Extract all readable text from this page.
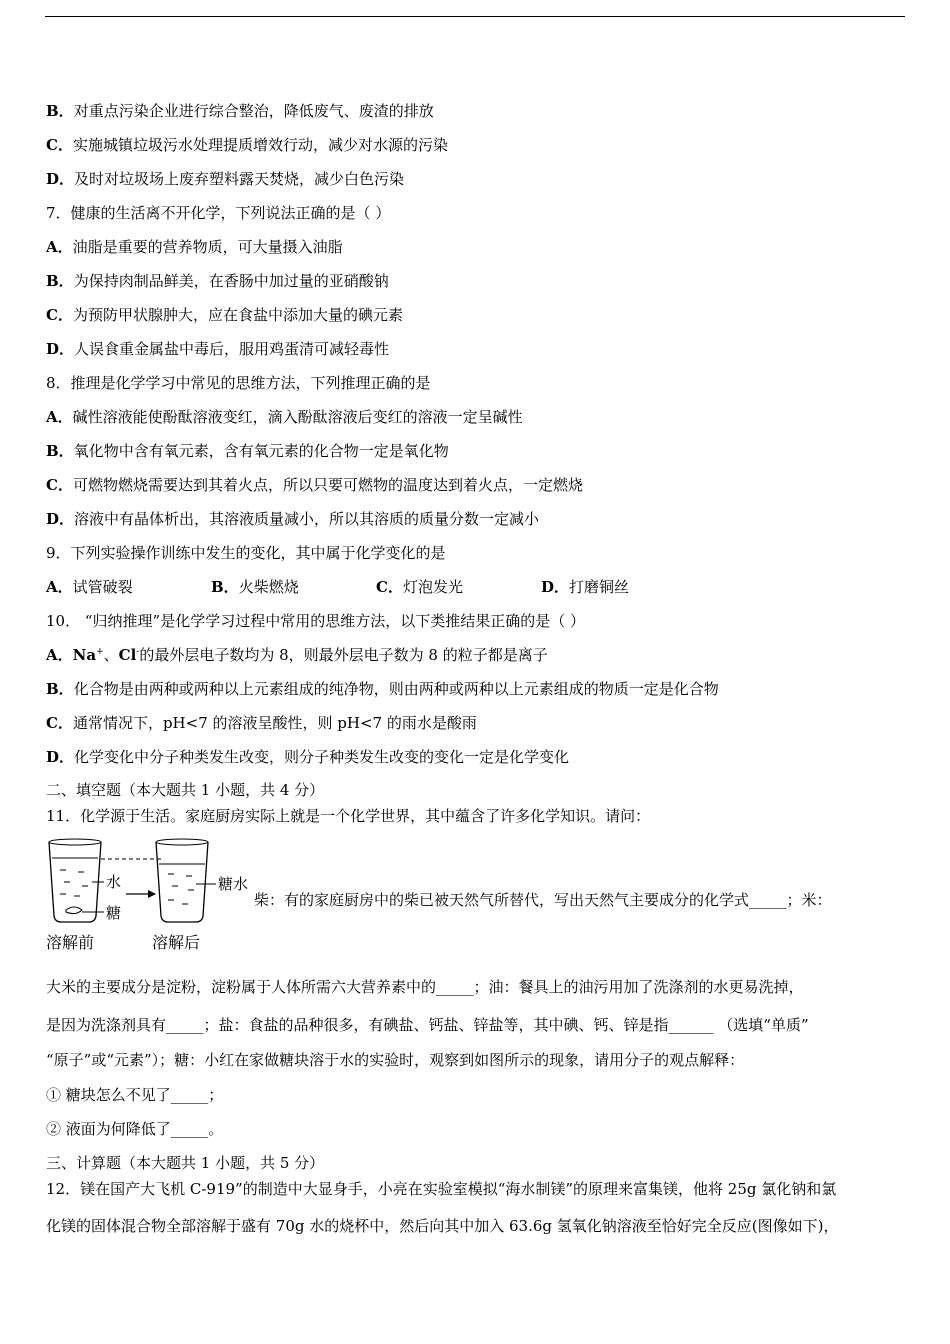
B．对重点污染企业进行综合整治，降低废气、废渣的排放
C．实施城镇垃圾污水处理提质增效行动，减少对水源的污染
D．及时对垃圾场上废弃塑料露天焚烧，减少白色污染
7．健康的生活离不开化学，下列说法正确的是（ ）
A．油脂是重要的营养物质，可大量摄入油脂
B．为保持肉制品鲜美，在香肠中加过量的亚硝酸钠
C．为预防甲状腺肿大，应在食盐中添加大量的碘元素
D．人误食重金属盐中毒后，服用鸡蛋清可减轻毒性
8．推理是化学学习中常见的思维方法，下列推理正确的是
A．碱性溶液能使酚酞溶液变红，滴入酚酞溶液后变红的溶液一定呈碱性
B．氧化物中含有氧元素，含有氧元素的化合物一定是氧化物
C．可燃物燃烧需要达到其着火点，所以只要可燃物的温度达到着火点，一定燃烧
D．溶液中有晶体析出，其溶液质量减小，所以其溶质的质量分数一定减小
9．下列实验操作训练中发生的变化，其中属于化学变化的是
A．试管破裂	B．火柴燃烧	C．灯泡发光	D．打磨铜丝
10． “归纳推理”是化学学习过程中常用的思维方法，以下类推结果正确的是（ ）
A．Na+、Cl-的最外层电子数均为 8，则最外层电子数为 8 的粒子都是离子
B．化合物是由两种或两种以上元素组成的纯净物，则由两种或两种以上元素组成的物质一定是化合物
C．通常情况下，pH<7 的溶液呈酸性，则 pH<7 的雨水是酸雨
D．化学变化中分子种类发生改变，则分子种类发生改变的变化一定是化学变化
二、填空题（本大题共 1 小题，共 4 分）
11．化学源于生活。家庭厨房实际上就是一个化学世界，其中蕴含了许多化学知识。请问：
水
糖
糖水
溶解前	溶解后
柴：有的家庭厨房中的柴已被天然气所替代，写出天然气主要成分的化学式_____；米：
大米的主要成分是淀粉，淀粉属于人体所需六大营养素中的_____；油：餐具上的油污用加了洗涤剂的水更易洗掉，
是因为洗涤剂具有_____；盐：食盐的品种很多，有碘盐、钙盐、锌盐等，其中碘、钙、锌是指______ （选填“单质”
“原子”或“元素”）；糖：小红在家做糖块溶于水的实验时，观察到如图所示的现象，请用分子的观点解释：
① 糖块怎么不见了_____；
② 液面为何降低了_____。
三、计算题（本大题共 1 小题，共 5 分）
12．镁在国产大飞机 C-919”的制造中大显身手，小亮在实验室模拟“海水制镁”的原理来富集镁，他将 25g 氯化钠和氯
化镁的固体混合物全部溶解于盛有 70g 水的烧杯中，然后向其中加入 63.6g 氢氧化钠溶液至恰好完全反应(图像如下)，
